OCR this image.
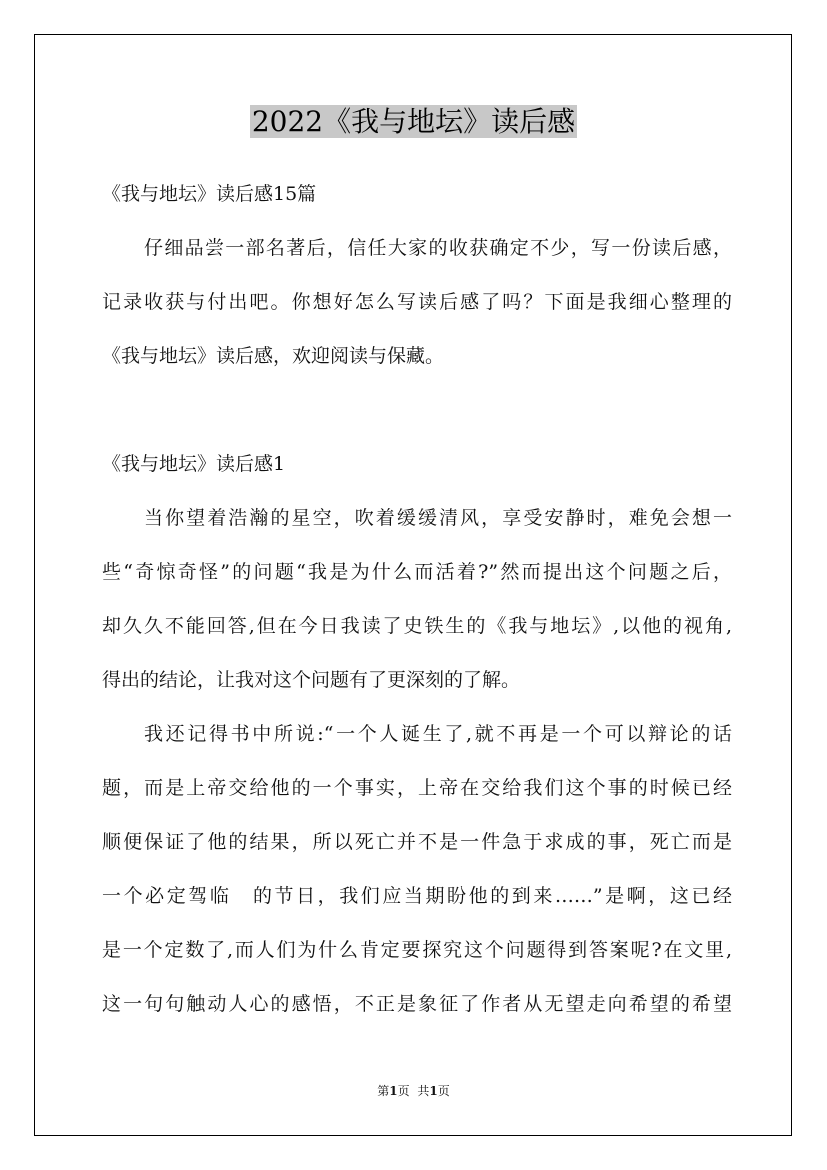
2022《我与地坛》读后感
《我与地坛》读后感15篇
仔细品尝一部名著后，信任大家的收获确定不少，写一份读后感，
记录收获与付出吧。你想好怎么写读后感了吗？下面是我细心整理的
《我与地坛》读后感，欢迎阅读与保藏。
《我与地坛》读后感1
当你望着浩瀚的星空，吹着缓缓清风，享受安静时，难免会想一
些“奇惊奇怪”的问题“我是为什么而活着?”然而提出这个问题之后，
却久久不能回答,但在今日我读了史铁生的《我与地坛》,以他的视角,
得出的结论，让我对这个问题有了更深刻的了解。
我还记得书中所说:“一个人诞生了,就不再是一个可以辩论的话
题，而是上帝交给他的一个事实，上帝在交给我们这个事的时候已经
顺便保证了他的结果，所以死亡并不是一件急于求成的事，死亡而是
一个必定驾临　的节日，我们应当期盼他的到来……”是啊，这已经
是一个定数了,而人们为什么肯定要探究这个问题得到答案呢?在文里,
这一句句触动人心的感悟，不正是象征了作者从无望走向希望的希望
第1页 共1页
